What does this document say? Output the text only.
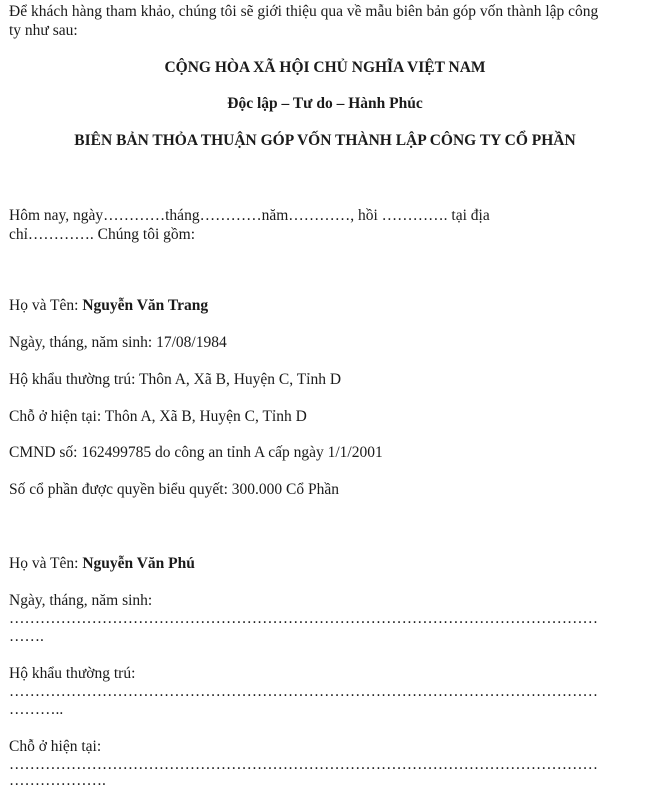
Để khách hàng tham khảo, chúng tôi sẽ giới thiệu qua về mẫu biên bản góp vốn thành lập công
ty như sau:
CỘNG HÒA XÃ HỘI CHỦ NGHĨA VIỆT NAM
Độc lập – Tư do – Hành Phúc
BIÊN BẢN THỎA THUẬN GÓP VỐN THÀNH LẬP CÔNG TY CỔ PHẦN
Hôm nay, ngày…………tháng…………năm…………, hồi …………. tại địa
chỉ…………. Chúng tôi gồm:
Họ và Tên: Nguyễn Văn Trang
Ngày, tháng, năm sinh: 17/08/1984
Hộ khẩu thường trú: Thôn A, Xã B, Huyện C, Tỉnh D
Chỗ ở hiện tại: Thôn A, Xã B, Huyện C, Tỉnh D
CMND số: 162499785 do công an tỉnh A cấp ngày 1/1/2001
Số cổ phần được quyền biểu quyết: 300.000 Cổ Phần
Họ và Tên: Nguyễn Văn Phú
Ngày, tháng, năm sinh:
……………………………………………………………………………………………………
…….
Hộ khẩu thường trú:
……………………………………………………………………………………………………
………..
Chỗ ở hiện tại:
……………………………………………………………………………………………………
……………….
